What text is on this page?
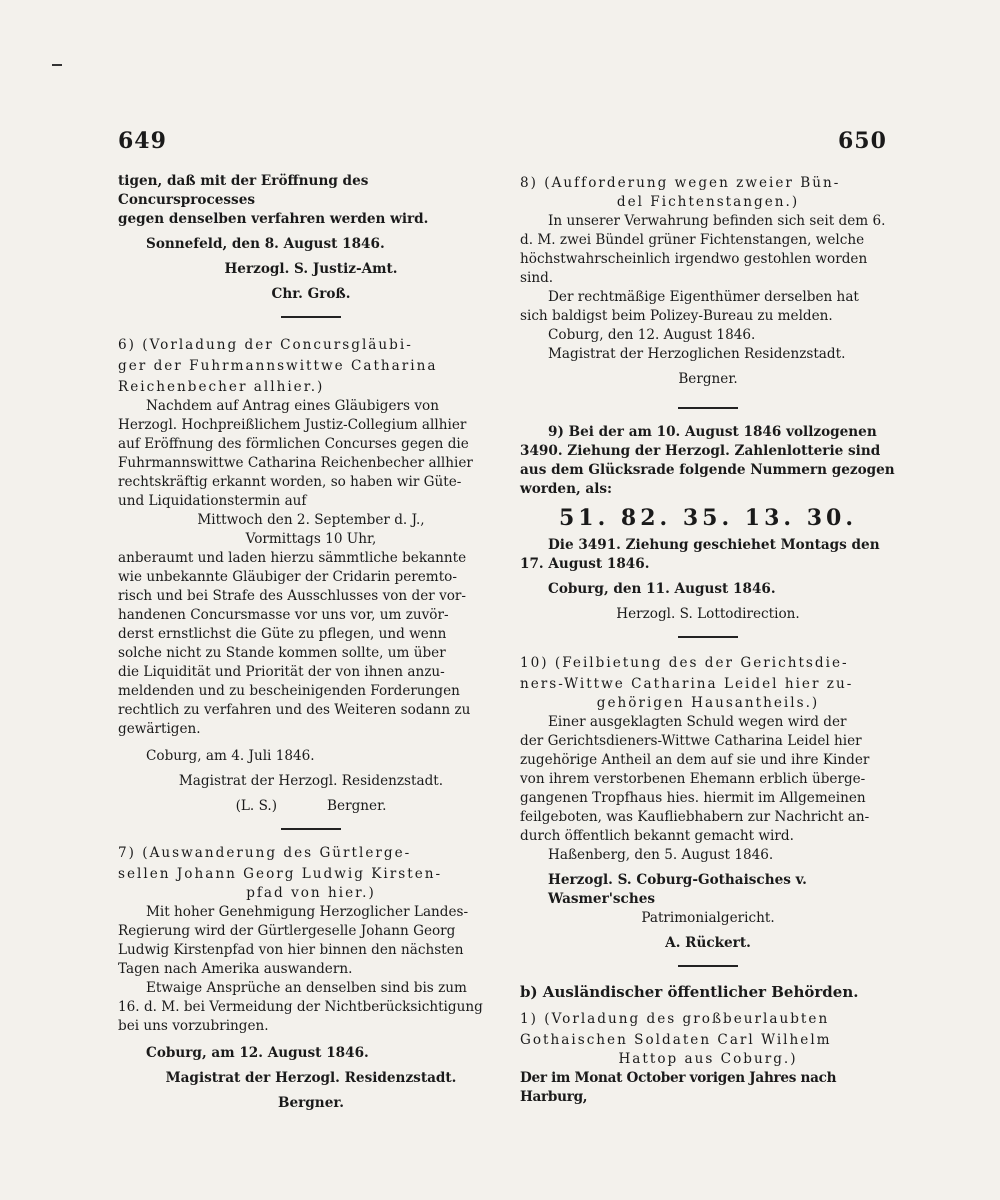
649	650

tigen, daß mit der Eröffnung des Concursprocesses

gegen denselben verfahren werden wird.

Sonnefeld, den 8. August 1846.

Herzogl. S. Justiz-Amt.

Chr. Groß.

6) (Vorladung der Concursgläubi-

ger der Fuhrmannswittwe Catharina

Reichenbecher allhier.)

Nachdem auf Antrag eines Gläubigers von

Herzogl. Hochpreißlichem Justiz-Collegium allhier

auf Eröffnung des förmlichen Concurses gegen die

Fuhrmannswittwe Catharina Reichenbecher allhier

rechtskräftig erkannt worden, so haben wir Güte-

und Liquidationstermin auf

Mittwoch den 2. September d. J.,

Vormittags 10 Uhr,

anberaumt und laden hierzu sämmtliche bekannte

wie unbekannte Gläubiger der Cridarin peremto-

risch und bei Strafe des Ausschlusses von der vor-

handenen Concursmasse vor uns vor, um zuvör-

derst ernstlichst die Güte zu pflegen, und wenn

solche nicht zu Stande kommen sollte, um über

die Liquidität und Priorität der von ihnen anzu-

meldenden und zu bescheinigenden Forderungen

rechtlich zu verfahren und des Weiteren sodann zu

gewärtigen.

Coburg, am 4. Juli 1846.

Magistrat der Herzogl. Residenzstadt.

(L. S.)	Bergner.

7) (Auswanderung des Gürtlerge-

sellen Johann Georg Ludwig Kirsten-

pfad von hier.)

Mit hoher Genehmigung Herzoglicher Landes-

Regierung wird der Gürtlergeselle Johann Georg

Ludwig Kirstenpfad von hier binnen den nächsten

Tagen nach Amerika auswandern.

Etwaige Ansprüche an denselben sind bis zum

16. d. M. bei Vermeidung der Nichtberücksichtigung

bei uns vorzubringen.

Coburg, am 12. August 1846.

Magistrat der Herzogl. Residenzstadt.

Bergner.

8) (Aufforderung wegen zweier Bün-

del Fichtenstangen.)

In unserer Verwahrung befinden sich seit dem 6.

d. M. zwei Bündel grüner Fichtenstangen, welche

höchstwahrscheinlich irgendwo gestohlen worden sind.

Der rechtmäßige Eigenthümer derselben hat

sich baldigst beim Polizey-Bureau zu melden.

Coburg, den 12. August 1846.

Magistrat der Herzoglichen Residenzstadt.

Bergner.

9) Bei der am 10. August 1846 vollzogenen

3490. Ziehung der Herzogl. Zahlenlotterie sind

aus dem Glücksrade folgende Nummern gezogen

worden, als:

51. 82. 35. 13. 30.

Die 3491. Ziehung geschiehet Montags den

17. August 1846.

Coburg, den 11. August 1846.

Herzogl. S. Lottodirection.

10) (Feilbietung des der Gerichtsdie-

ners-Wittwe Catharina Leidel hier zu-

gehörigen Hausantheils.)

Einer ausgeklagten Schuld wegen wird der

der Gerichtsdieners-Wittwe Catharina Leidel hier

zugehörige Antheil an dem auf sie und ihre Kinder

von ihrem verstorbenen Ehemann erblich überge-

gangenen Tropfhaus hies. hiermit im Allgemeinen

feilgeboten, was Kaufliebhabern zur Nachricht an-

durch öffentlich bekannt gemacht wird.

Haßenberg, den 5. August 1846.

Herzogl. S. Coburg-Gothaisches v. Wasmer'sches

Patrimonialgericht.

A. Rückert.

b) Ausländischer öffentlicher Behörden.

1) (Vorladung des großbeurlaubten

Gothaischen Soldaten Carl Wilhelm

Hattop aus Coburg.)

Der im Monat October vorigen Jahres nach Harburg,
